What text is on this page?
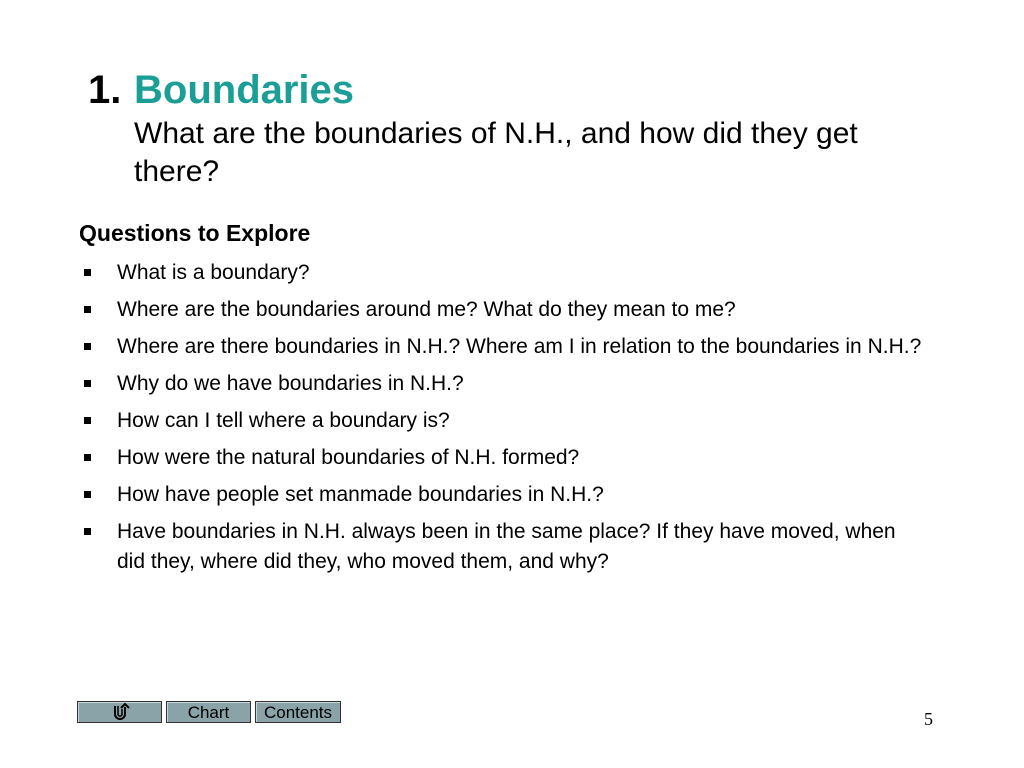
1. Boundaries
What are the boundaries of N.H., and how did they get there?
Questions to Explore
What is a boundary?
Where are the boundaries around me? What do they mean to me?
Where are there boundaries in N.H.? Where am I in relation to the boundaries in N.H.?
Why do we have boundaries in N.H.?
How can I tell where a boundary is?
How were the natural boundaries of N.H. formed?
How have people set manmade boundaries in N.H.?
Have boundaries in N.H. always been in the same place? If they have moved, when did they, where did they, who moved them, and why?
Chart	Contents	5
